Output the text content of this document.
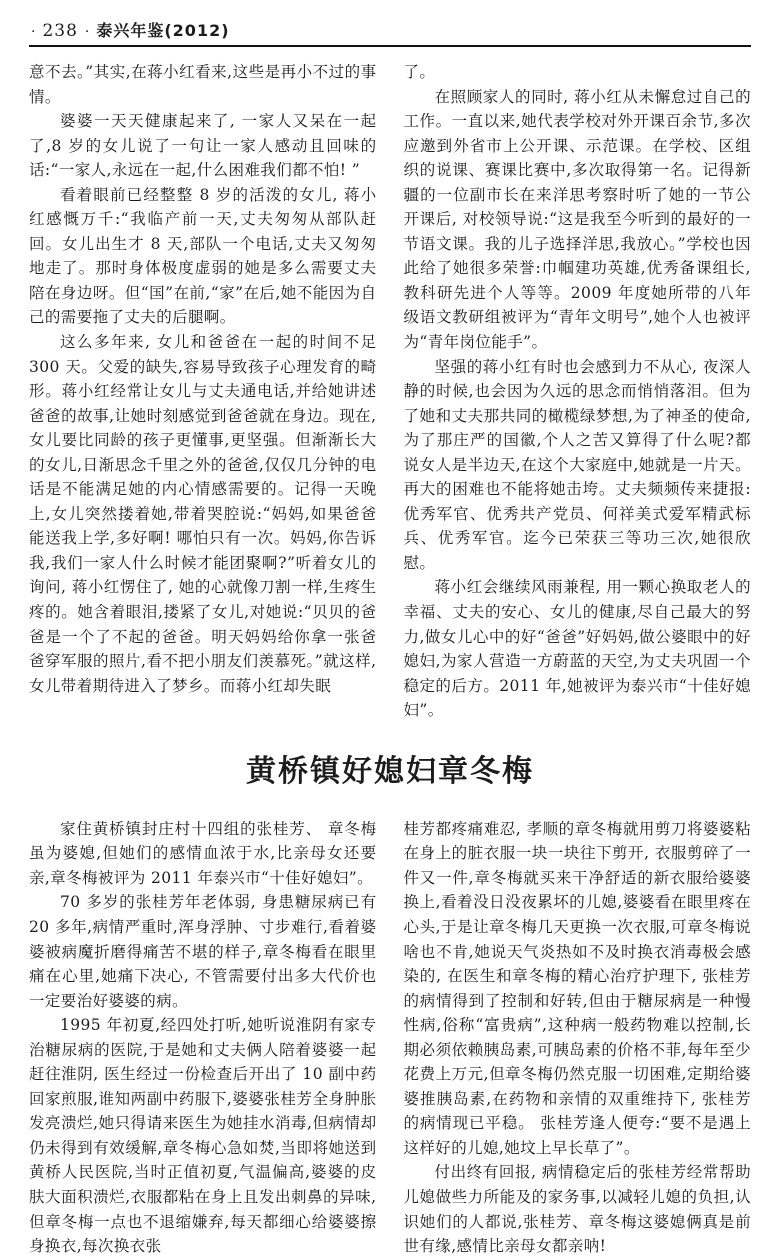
· 238 · 泰兴年鉴(2012)

意不去。”其实,在蒋小红看来,这些是再小不过的事情。

婆婆一天天健康起来了, 一家人又呆在一起了,8 岁的女儿说了一句让一家人感动且回味的话:“一家人,永远在一起,什么困难我们都不怕! ”

看着眼前已经整整 8 岁的活泼的女儿, 蒋小红感慨万千:“我临产前一天,丈夫匆匆从部队赶回。女儿出生才 8 天,部队一个电话,丈夫又匆匆地走了。那时身体极度虚弱的她是多么需要丈夫陪在身边呀。但“国”在前,“家”在后,她不能因为自己的需要拖了丈夫的后腿啊。

这么多年来, 女儿和爸爸在一起的时间不足 300 天。父爱的缺失,容易导致孩子心理发育的畸形。蒋小红经常让女儿与丈夫通电话,并给她讲述爸爸的故事,让她时刻感觉到爸爸就在身边。现在, 女儿要比同龄的孩子更懂事,更坚强。但渐渐长大的女儿,日渐思念千里之外的爸爸,仅仅几分钟的电话是不能满足她的内心情感需要的。记得一天晚上,女儿突然搂着她,带着哭腔说:“妈妈,如果爸爸能送我上学,多好啊! 哪怕只有一次。妈妈,你告诉我,我们一家人什么时候才能团聚啊?”听着女儿的询问, 蒋小红愣住了, 她的心就像刀割一样,生疼生疼的。她含着眼泪,搂紧了女儿,对她说:“贝贝的爸爸是一个了不起的爸爸。明天妈妈给你拿一张爸爸穿军服的照片,看不把小朋友们羡慕死。”就这样, 女儿带着期待进入了梦乡。而蒋小红却失眠

了。

在照顾家人的同时, 蒋小红从未懈怠过自己的工作。一直以来,她代表学校对外开课百余节,多次应邀到外省市上公开课、示范课。在学校、区组织的说课、赛课比赛中,多次取得第一名。记得新疆的一位副市长在来洋思考察时听了她的一节公开课后, 对校领导说:“这是我至今听到的最好的一节语文课。我的儿子选择洋思,我放心。”学校也因此给了她很多荣誉:巾帼建功英雄,优秀备课组长,教科研先进个人等等。2009 年度她所带的八年级语文教研组被评为“青年文明号”,她个人也被评为“青年岗位能手”。

坚强的蒋小红有时也会感到力不从心, 夜深人静的时候,也会因为久远的思念而悄悄落泪。但为了她和丈夫那共同的橄榄绿梦想,为了神圣的使命,为了那庄严的国徽,个人之苦又算得了什么呢?都说女人是半边天,在这个大家庭中,她就是一片天。 再大的困难也不能将她击垮。丈夫频频传来捷报:优秀军官、优秀共产党员、何祥美式爱军精武标兵、优秀军官。迄今已荣获三等功三次,她很欣慰。

蒋小红会继续风雨兼程, 用一颗心换取老人的幸福、丈夫的安心、女儿的健康,尽自己最大的努力,做女儿心中的好“爸爸”好妈妈,做公婆眼中的好媳妇,为家人营造一方蔚蓝的天空,为丈夫巩固一个稳定的后方。2011 年,她被评为泰兴市“十佳好媳妇”。

黄桥镇好媳妇章冬梅

家住黄桥镇封庄村十四组的张桂芳、 章冬梅虽为婆媳,但她们的感情血浓于水,比亲母女还要亲,章冬梅被评为 2011 年泰兴市“十佳好媳妇”。

70 多岁的张桂芳年老体弱, 身患糖尿病已有 20 多年,病情严重时,浑身浮肿、寸步难行,看着婆婆被病魔折磨得痛苦不堪的样子,章冬梅看在眼里痛在心里,她痛下决心, 不管需要付出多大代价也一定要治好婆婆的病。

1995 年初夏,经四处打听,她听说淮阴有家专治糖尿病的医院,于是她和丈夫俩人陪着婆婆一起赶往淮阴, 医生经过一份检查后开出了 10 副中药回家煎服,谁知两副中药服下,婆婆张桂芳全身肿胀发亮溃烂,她只得请来医生为她挂水消毒,但病情却仍未得到有效缓解,章冬梅心急如焚,当即将她送到黄桥人民医院,当时正值初夏,气温偏高,婆婆的皮肤大面积溃烂,衣服都粘在身上且发出刺鼻的异味, 但章冬梅一点也不退缩嫌弃,每天都细心给婆婆擦身换衣,每次换衣张

桂芳都疼痛难忍, 孝顺的章冬梅就用剪刀将婆婆粘在身上的脏衣服一块一块往下剪开, 衣服剪碎了一件又一件,章冬梅就买来干净舒适的新衣服给婆婆换上,看着没日没夜累坏的儿媳,婆婆看在眼里疼在心头,于是让章冬梅几天更换一次衣服,可章冬梅说啥也不肯,她说天气炎热如不及时换衣消毒极会感染的, 在医生和章冬梅的精心治疗护理下, 张桂芳的病情得到了控制和好转,但由于糖尿病是一种慢性病,俗称“富贵病”,这种病一般药物难以控制,长期必须依赖胰岛素,可胰岛素的价格不菲,每年至少花费上万元,但章冬梅仍然克服一切困难,定期给婆婆推胰岛素,在药物和亲情的双重维持下, 张桂芳的病情现已平稳。 张桂芳逢人便夸:“要不是遇上这样好的儿媳,她坟上早长草了”。

付出终有回报, 病情稳定后的张桂芳经常帮助儿媳做些力所能及的家务事,以减轻儿媳的负担,认识她们的人都说,张桂芳、章冬梅这婆媳俩真是前世有缘,感情比亲母女都亲呐!
